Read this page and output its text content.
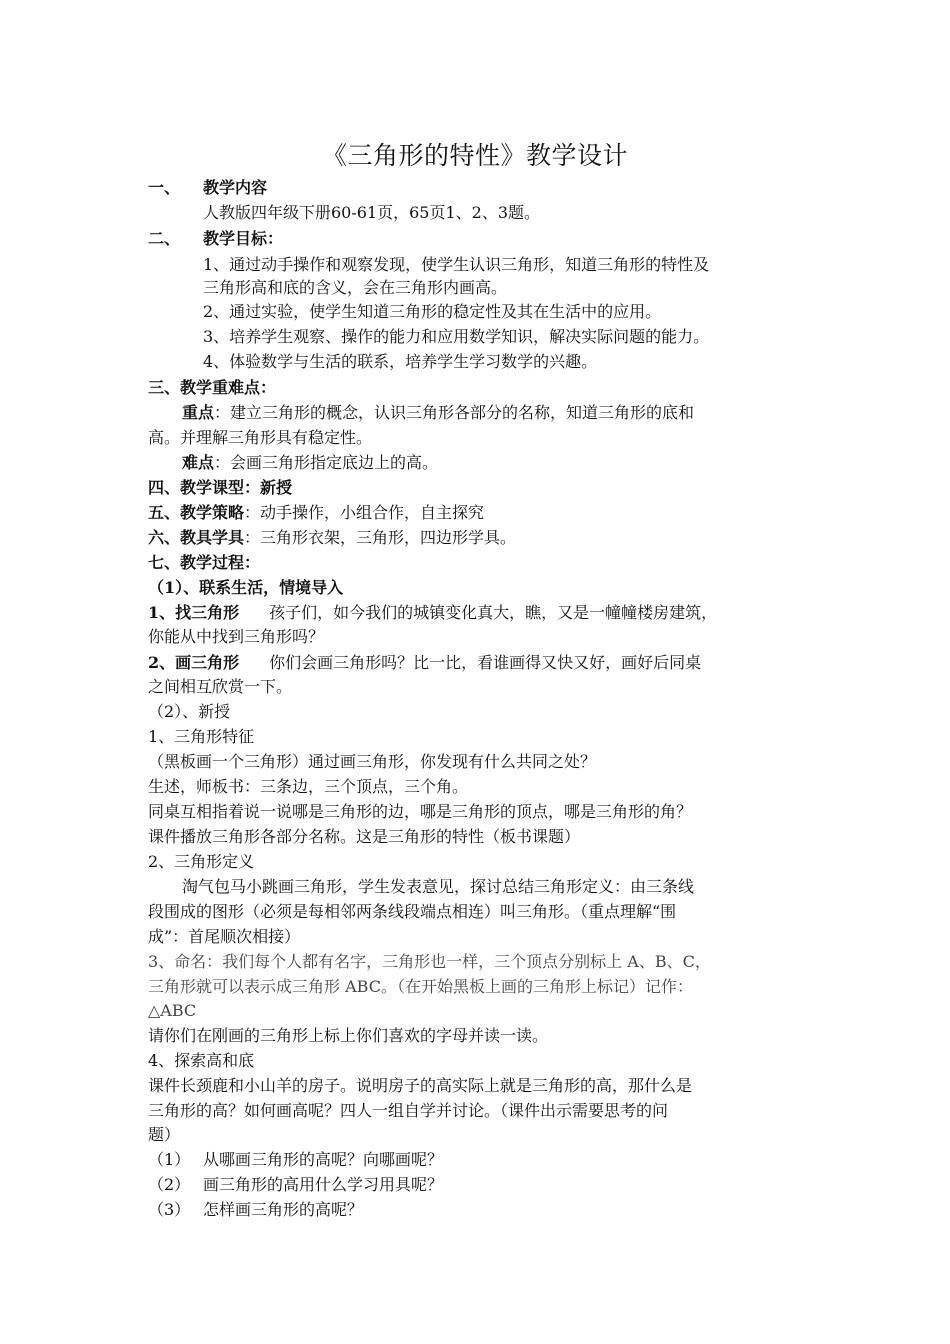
《三角形的特性》教学设计
一、 教学内容
人教版四年级下册60-61页，65页1、2、3题。
二、 教学目标：
1、通过动手操作和观察发现，使学生认识三角形，知道三角形的特性及
三角形高和底的含义，会在三角形内画高。
2、通过实验，使学生知道三角形的稳定性及其在生活中的应用。
3、培养学生观察、操作的能力和应用数学知识，解决实际问题的能力。
4、体验数学与生活的联系，培养学生学习数学的兴趣。
三、教学重难点：
重点：建立三角形的概念，认识三角形各部分的名称，知道三角形的底和
高。并理解三角形具有稳定性。
难点：会画三角形指定底边上的高。
四、教学课型：新授
五、教学策略：动手操作，小组合作，自主探究
六、教具学具：三角形衣架，三角形，四边形学具。
七、教学过程：
（1）、联系生活，情境导入
1、找三角形 孩子们，如今我们的城镇变化真大，瞧，又是一幢幢楼房建筑，
你能从中找到三角形吗？
2、画三角形 你们会画三角形吗？比一比，看谁画得又快又好，画好后同桌
之间相互欣赏一下。
（2）、新授
1、三角形特征
（黑板画一个三角形）通过画三角形，你发现有什么共同之处？
生述，师板书：三条边，三个顶点，三个角。
同桌互相指着说一说哪是三角形的边，哪是三角形的顶点，哪是三角形的角？
课件播放三角形各部分名称。这是三角形的特性（板书课题）
2、三角形定义
淘气包马小跳画三角形，学生发表意见，探讨总结三角形定义：由三条线
段围成的图形（必须是每相邻两条线段端点相连）叫三角形。（重点理解“围
成”：首尾顺次相接）
3、命名：我们每个人都有名字，三角形也一样，三个顶点分别标上 A、B、C，
三角形就可以表示成三角形 ABC。（在开始黑板上画的三角形上标记）记作：
△ABC
请你们在刚画的三角形上标上你们喜欢的字母并读一读。
4、探索高和底
课件长颈鹿和小山羊的房子。说明房子的高实际上就是三角形的高，那什么是
三角形的高？如何画高呢？四人一组自学并讨论。（课件出示需要思考的问
题）
（1） 从哪画三角形的高呢？向哪画呢？
（2） 画三角形的高用什么学习用具呢？
（3） 怎样画三角形的高呢？
